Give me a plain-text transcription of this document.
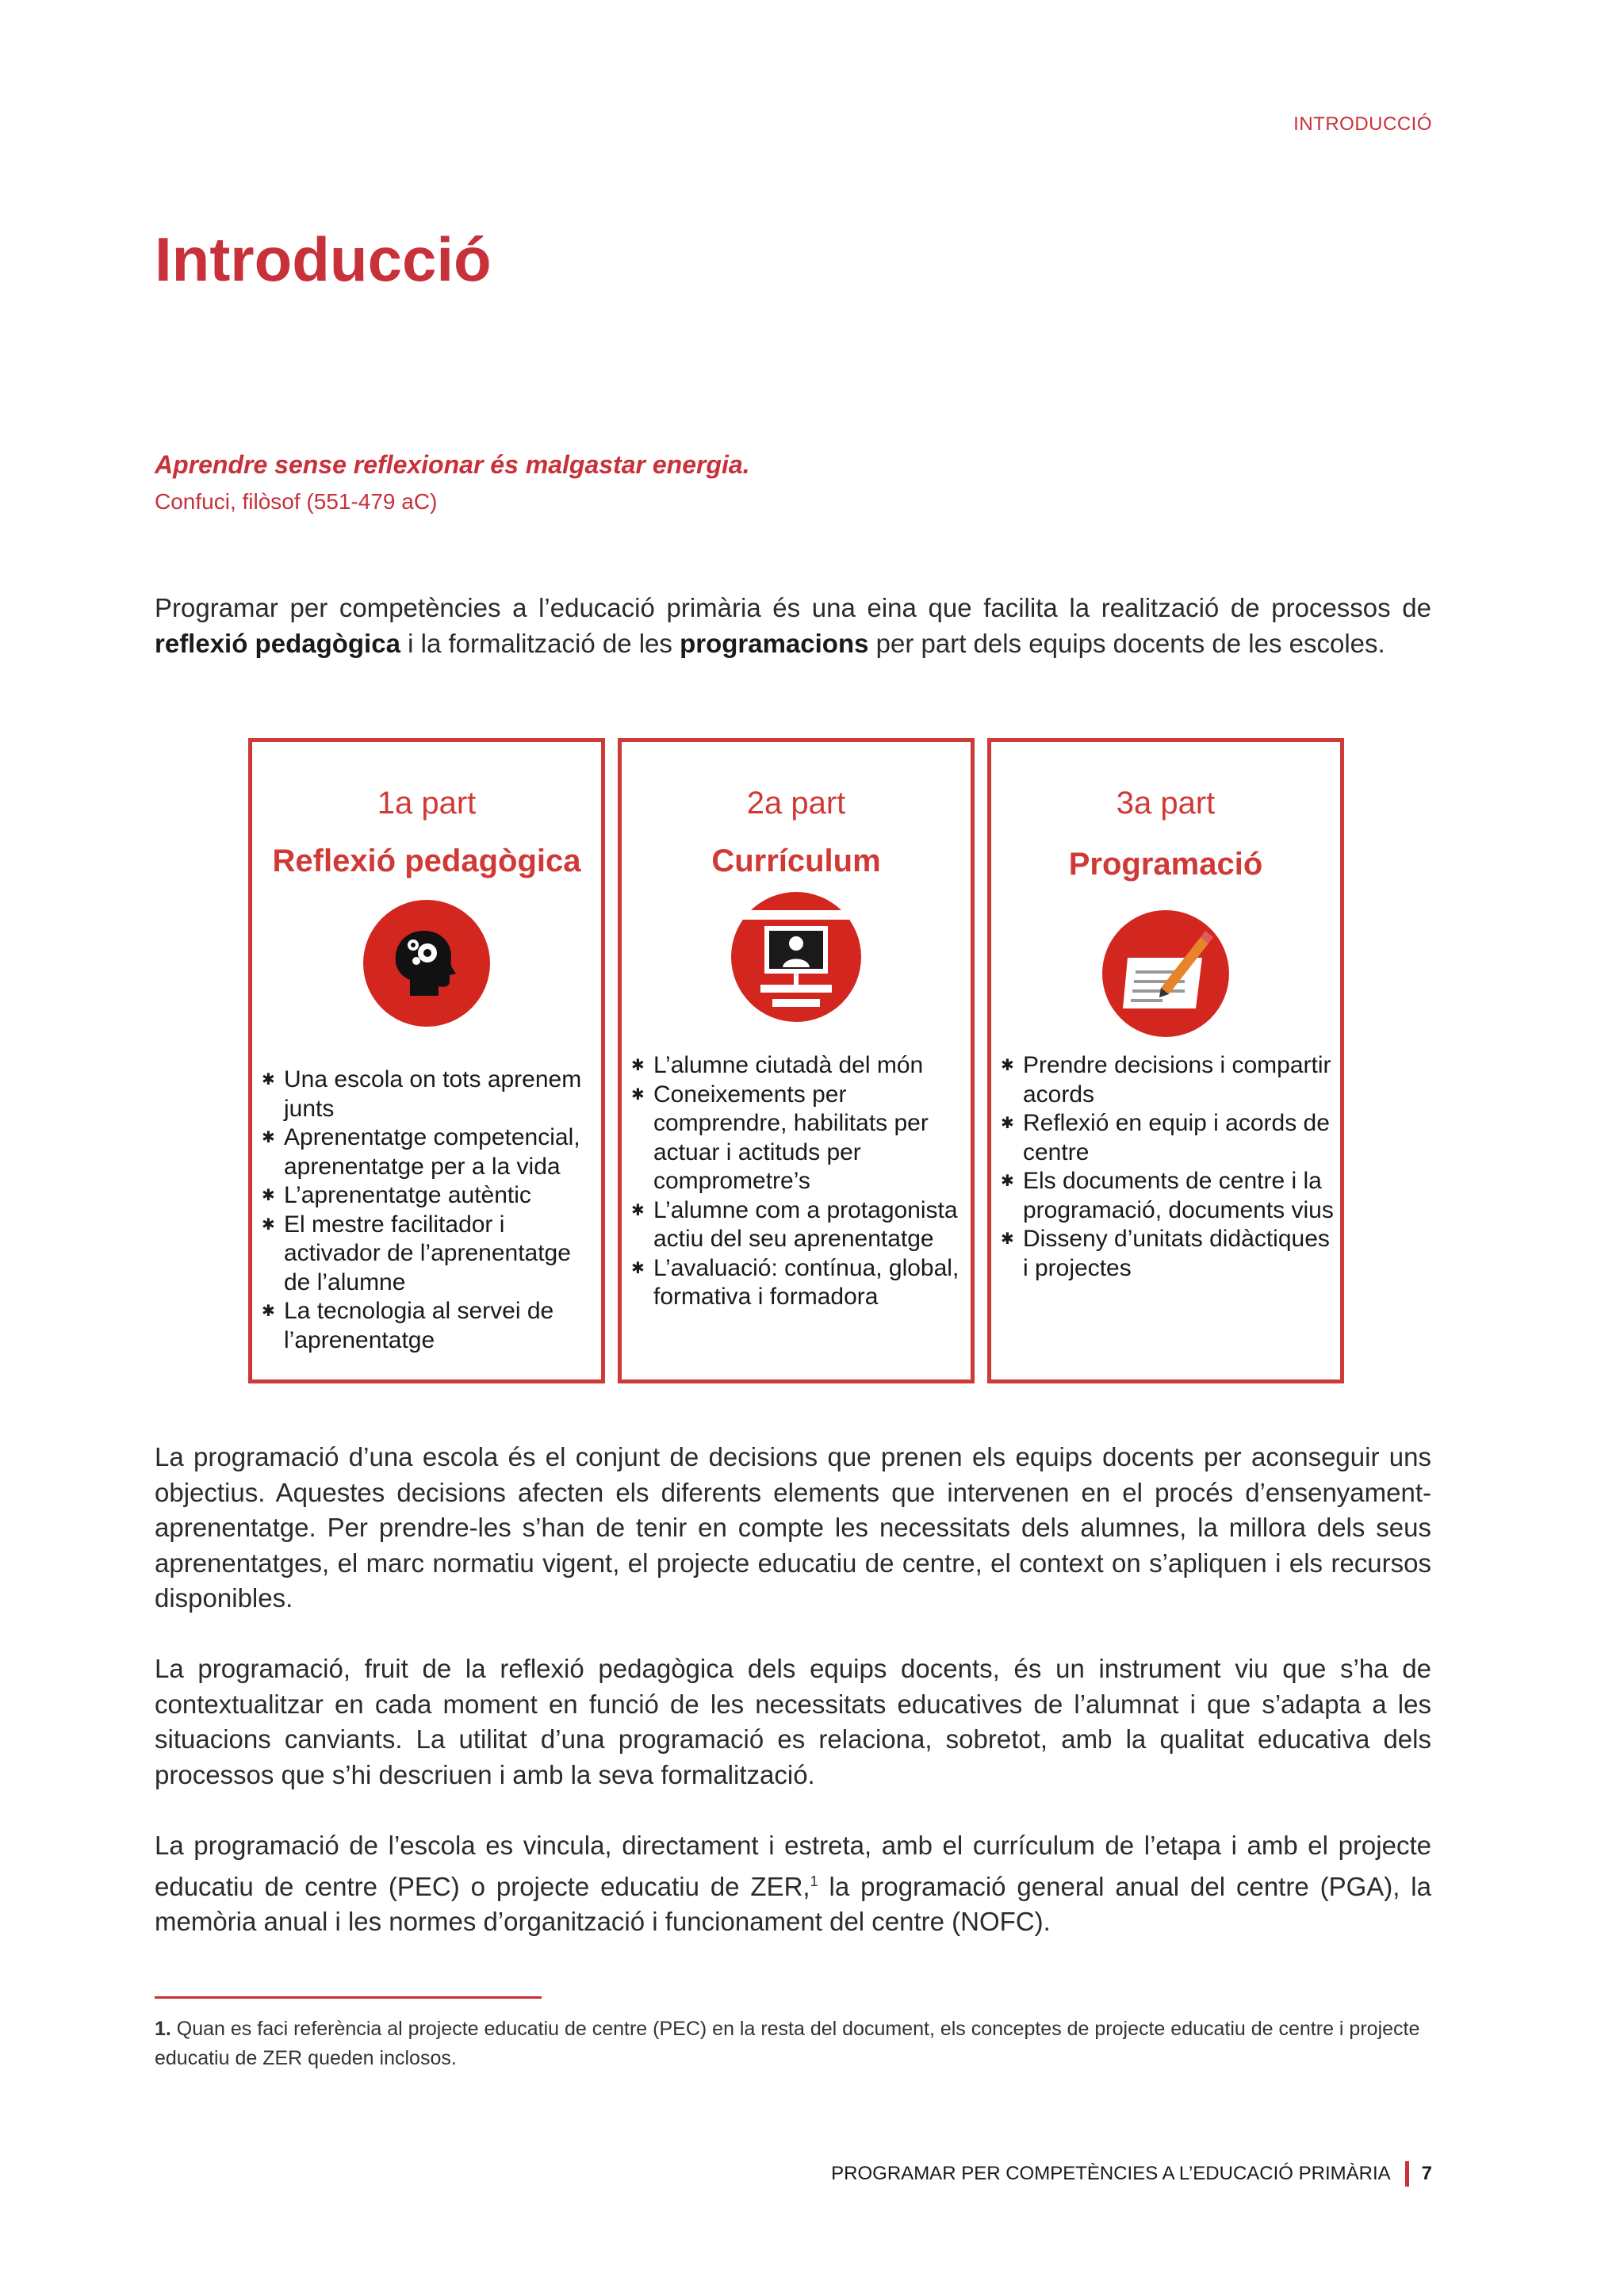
INTRODUCCIÓ
Introducció
Aprendre sense reflexionar és malgastar energia.
Confuci, filòsof (551-479 aC)

Programar per competències a l’educació primària és una eina que facilita la realització de processos de reflexió pedagògica i la formalització de les programacions per part dels equips docents de les escoles.

1a part
Reflexió pedagògica
✱ Una escola on tots aprenem junts
✱ Aprenentatge competencial, aprenentatge per a la vida
✱ L’aprenentatge autèntic
✱ El mestre facilitador i activador de l’aprenentatge de l’alumne
✱ La tecnologia al servei de l’aprenentatge
2a part
Currículum
✱ L’alumne ciutadà del món
✱ Coneixements per comprendre, habilitats per actuar i actituds per comprometre’s
✱ L’alumne com a protagonista actiu del seu aprenentatge
✱ L’avaluació: contínua, global, formativa i formadora
3a part
Programació
✱ Prendre decisions i compartir acords
✱ Reflexió en equip i acords de centre
✱ Els documents de centre i la programació, documents vius
✱ Disseny d’unitats didàctiques i projectes

La programació d’una escola és el conjunt de decisions que prenen els equips docents per aconseguir uns objectius. Aquestes decisions afecten els diferents elements que intervenen en el procés d’ensenyament-aprenentatge. Per prendre-les s’han de tenir en compte les necessitats dels alumnes, la millora dels seus aprenentatges, el marc normatiu vigent, el projecte educatiu de centre, el context on s’apliquen i els recursos disponibles.

La programació, fruit de la reflexió pedagògica dels equips docents, és un instrument viu que s’ha de contextualitzar en cada moment en funció de les necessitats educatives de l’alumnat i que s’adapta a les situacions canviants. La utilitat d’una programació es relaciona, sobretot, amb la qualitat educativa dels processos que s’hi descriuen i amb la seva formalització.

La programació de l’escola es vincula, directament i estreta, amb el currículum de l’etapa i amb el projecte educatiu de centre (PEC) o projecte educatiu de ZER,$^1$ la programació general anual del centre (PGA), la memòria anual i les normes d’organització i funcionament del centre (NOFC).

1. Quan es faci referència al projecte educatiu de centre (PEC) en la resta del document, els conceptes de projecte educatiu de centre i projecte educatiu de ZER queden inclosos.
PROGRAMAR PER COMPETÈNCIES A L’EDUCACIÓ PRIMÀRIA 7
